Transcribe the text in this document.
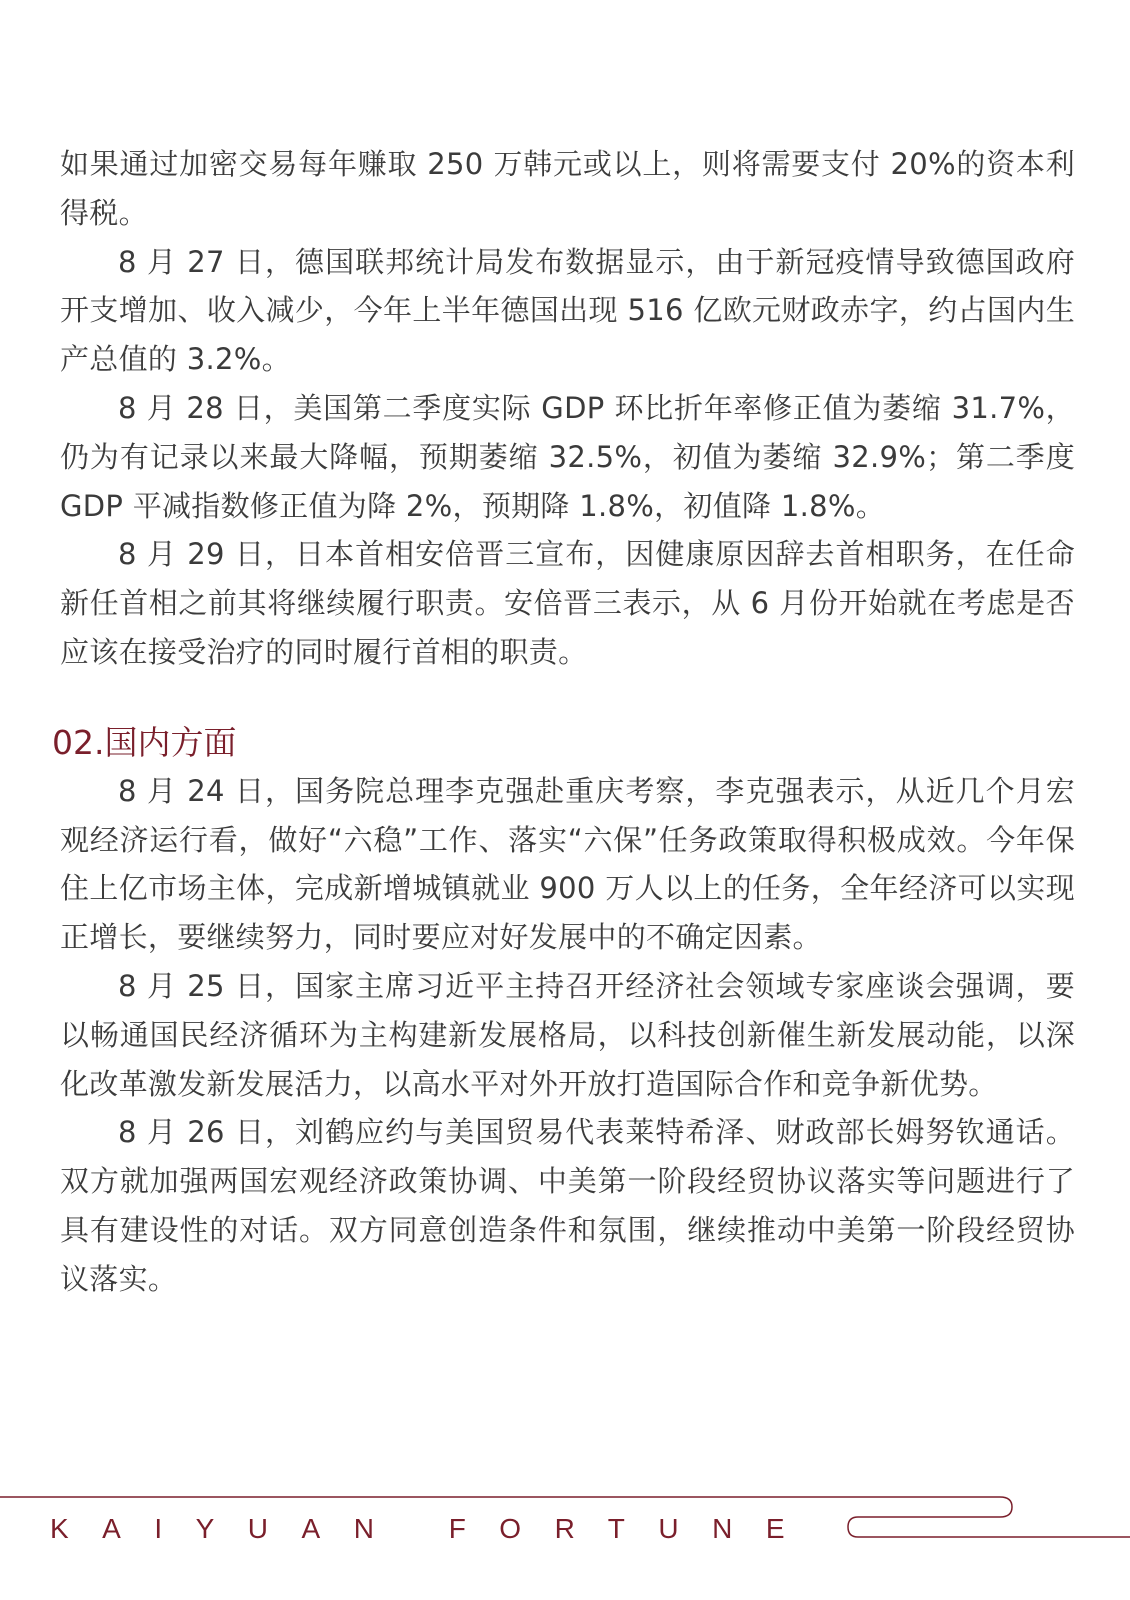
如果通过加密交易每年赚取 250 万韩元或以上，则将需要支付 20%的资本利得税。

8 月 27 日，德国联邦统计局发布数据显示，由于新冠疫情导致德国政府开支增加、收入减少，今年上半年德国出现 516 亿欧元财政赤字，约占国内生产总值的 3.2%。

8 月 28 日，美国第二季度实际 GDP 环比折年率修正值为萎缩 31.7%，仍为有记录以来最大降幅，预期萎缩 32.5%，初值为萎缩 32.9%；第二季度 GDP 平减指数修正值为降 2%，预期降 1.8%，初值降 1.8%。

8 月 29 日，日本首相安倍晋三宣布，因健康原因辞去首相职务，在任命新任首相之前其将继续履行职责。安倍晋三表示，从 6 月份开始就在考虑是否应该在接受治疗的同时履行首相的职责。

02.国内方面

8 月 24 日，国务院总理李克强赴重庆考察，李克强表示，从近几个月宏观经济运行看，做好“六稳”工作、落实“六保”任务政策取得积极成效。今年保住上亿市场主体，完成新增城镇就业 900 万人以上的任务，全年经济可以实现正增长，要继续努力，同时要应对好发展中的不确定因素。

8 月 25 日，国家主席习近平主持召开经济社会领域专家座谈会强调，要以畅通国民经济循环为主构建新发展格局，以科技创新催生新发展动能，以深化改革激发新发展活力，以高水平对外开放打造国际合作和竞争新优势。

8 月 26 日，刘鹤应约与美国贸易代表莱特希泽、财政部长姆努钦通话。双方就加强两国宏观经济政策协调、中美第一阶段经贸协议落实等问题进行了具有建设性的对话。双方同意创造条件和氛围，继续推动中美第一阶段经贸协议落实。

KAIYUAN FORTUNE
